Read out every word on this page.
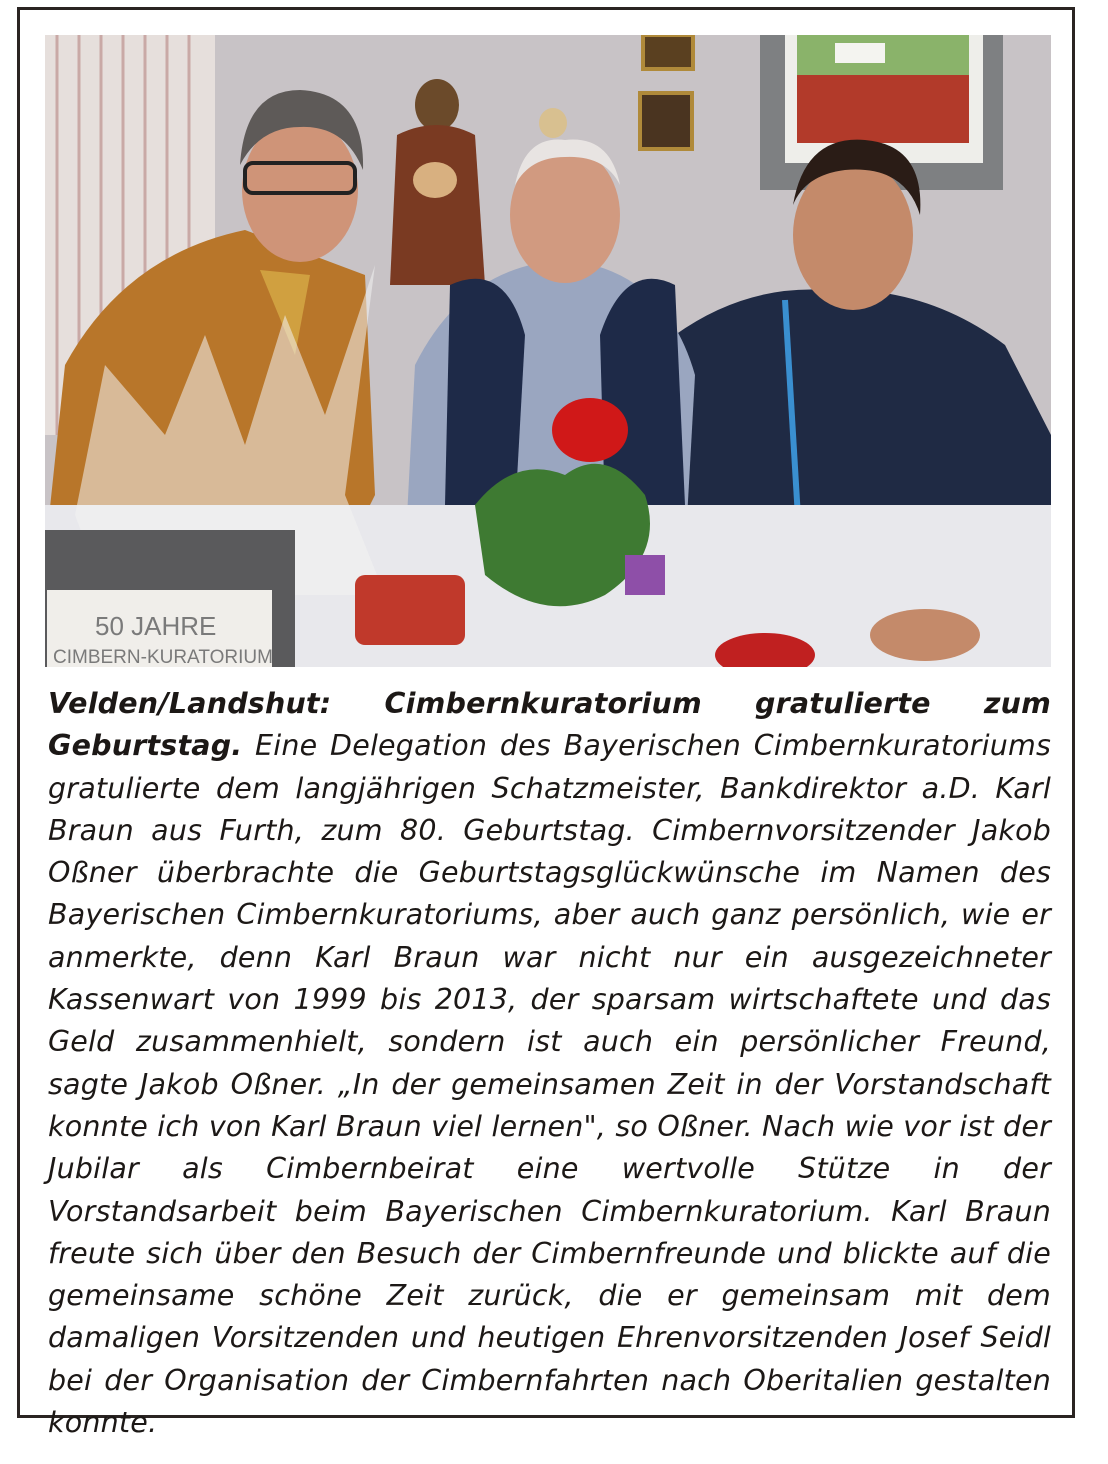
50 JAHRE
CIMBERN-KURATORIUM
Velden/Landshut: Cimbernkuratorium gratulierte zum Geburtstag. Eine Delegation des Bayerischen Cimbernkuratoriums gratulierte dem langjährigen Schatzmeister, Bankdirektor a.D. Karl Braun aus Furth, zum 80. Geburtstag. Cimbernvorsitzender Jakob Oßner überbrachte die Geburtstagsglückwünsche im Namen des Bayerischen Cimbernkuratoriums, aber auch ganz persönlich, wie er anmerkte, denn Karl Braun war nicht nur ein ausgezeichneter Kassenwart von 1999 bis 2013, der sparsam wirtschaftete und das Geld zusammenhielt, sondern ist auch ein persönlicher Freund, sagte Jakob Oßner. „In der gemeinsamen Zeit in der Vorstandschaft konnte ich von Karl Braun viel lernen", so Oßner. Nach wie vor ist der Jubilar als Cimbernbeirat eine wertvolle Stütze in der Vorstandsarbeit beim Bayerischen Cimbernkuratorium. Karl Braun freute sich über den Besuch der Cimbernfreunde und blickte auf die gemeinsame schöne Zeit zurück, die er gemeinsam mit dem damaligen Vorsitzenden und heutigen Ehrenvorsitzenden Josef Seidl bei der Organisation der Cimbernfahrten nach Oberitalien gestalten konnte.
